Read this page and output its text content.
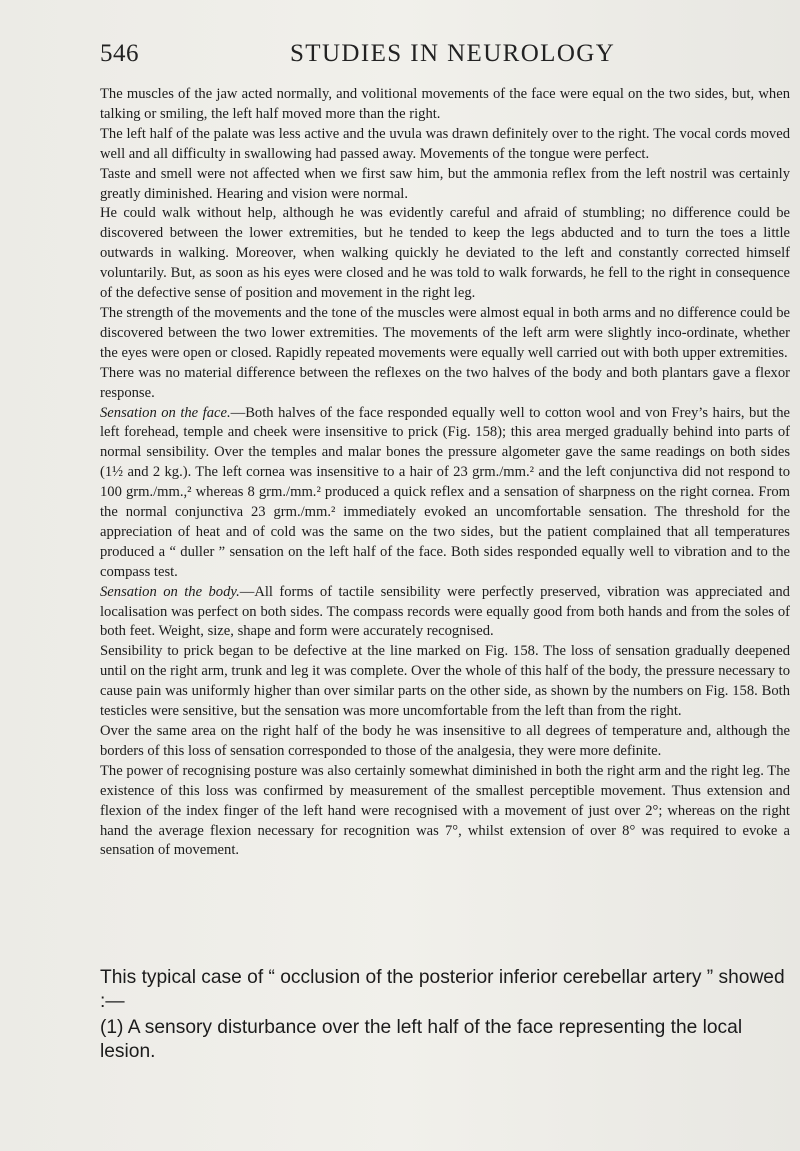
546	STUDIES IN NEUROLOGY

The muscles of the jaw acted normally, and volitional movements of the face were equal on the two sides, but, when talking or smiling, the left half moved more than the right.

The left half of the palate was less active and the uvula was drawn definitely over to the right. The vocal cords moved well and all difficulty in swallowing had passed away. Movements of the tongue were perfect.

Taste and smell were not affected when we first saw him, but the ammonia reflex from the left nostril was certainly greatly diminished. Hearing and vision were normal.

He could walk without help, although he was evidently careful and afraid of stumbling; no difference could be discovered between the lower extremities, but he tended to keep the legs abducted and to turn the toes a little outwards in walking. Moreover, when walking quickly he deviated to the left and constantly corrected himself voluntarily. But, as soon as his eyes were closed and he was told to walk forwards, he fell to the right in consequence of the defective sense of position and movement in the right leg.

The strength of the movements and the tone of the muscles were almost equal in both arms and no difference could be discovered between the two lower extremities. The movements of the left arm were slightly inco-ordinate, whether the eyes were open or closed. Rapidly repeated movements were equally well carried out with both upper extremities.

There was no material difference between the reflexes on the two halves of the body and both plantars gave a flexor response.

Sensation on the face.—Both halves of the face responded equally well to cotton wool and von Frey’s hairs, but the left forehead, temple and cheek were insensitive to prick (Fig. 158); this area merged gradually behind into parts of normal sensibility. Over the temples and malar bones the pressure algometer gave the same readings on both sides (1½ and 2 kg.). The left cornea was insensitive to a hair of 23 grm./mm.² and the left conjunctiva did not respond to 100 grm./mm.,² whereas 8 grm./mm.² produced a quick reflex and a sensation of sharpness on the right cornea. From the normal conjunctiva 23 grm./mm.² immediately evoked an uncomfortable sensation. The threshold for the appreciation of heat and of cold was the same on the two sides, but the patient complained that all temperatures produced a “ duller ” sensation on the left half of the face. Both sides responded equally well to vibration and to the compass test.

Sensation on the body.—All forms of tactile sensibility were perfectly preserved, vibration was appreciated and localisation was perfect on both sides. The compass records were equally good from both hands and from the soles of both feet. Weight, size, shape and form were accurately recognised.

Sensibility to prick began to be defective at the line marked on Fig. 158. The loss of sensation gradually deepened until on the right arm, trunk and leg it was complete. Over the whole of this half of the body, the pressure necessary to cause pain was uniformly higher than over similar parts on the other side, as shown by the numbers on Fig. 158. Both testicles were sensitive, but the sensation was more uncomfortable from the left than from the right.

Over the same area on the right half of the body he was insensitive to all degrees of temperature and, although the borders of this loss of sensation corresponded to those of the analgesia, they were more definite.

The power of recognising posture was also certainly somewhat diminished in both the right arm and the right leg. The existence of this loss was confirmed by measurement of the smallest perceptible movement. Thus extension and flexion of the index finger of the left hand were recognised with a movement of just over 2°; whereas on the right hand the average flexion necessary for recognition was 7°, whilst extension of over 8° was required to evoke a sensation of movement.

This typical case of “ occlusion of the posterior inferior cerebellar artery ” showed :—

(1) A sensory disturbance over the left half of the face representing the local lesion.
